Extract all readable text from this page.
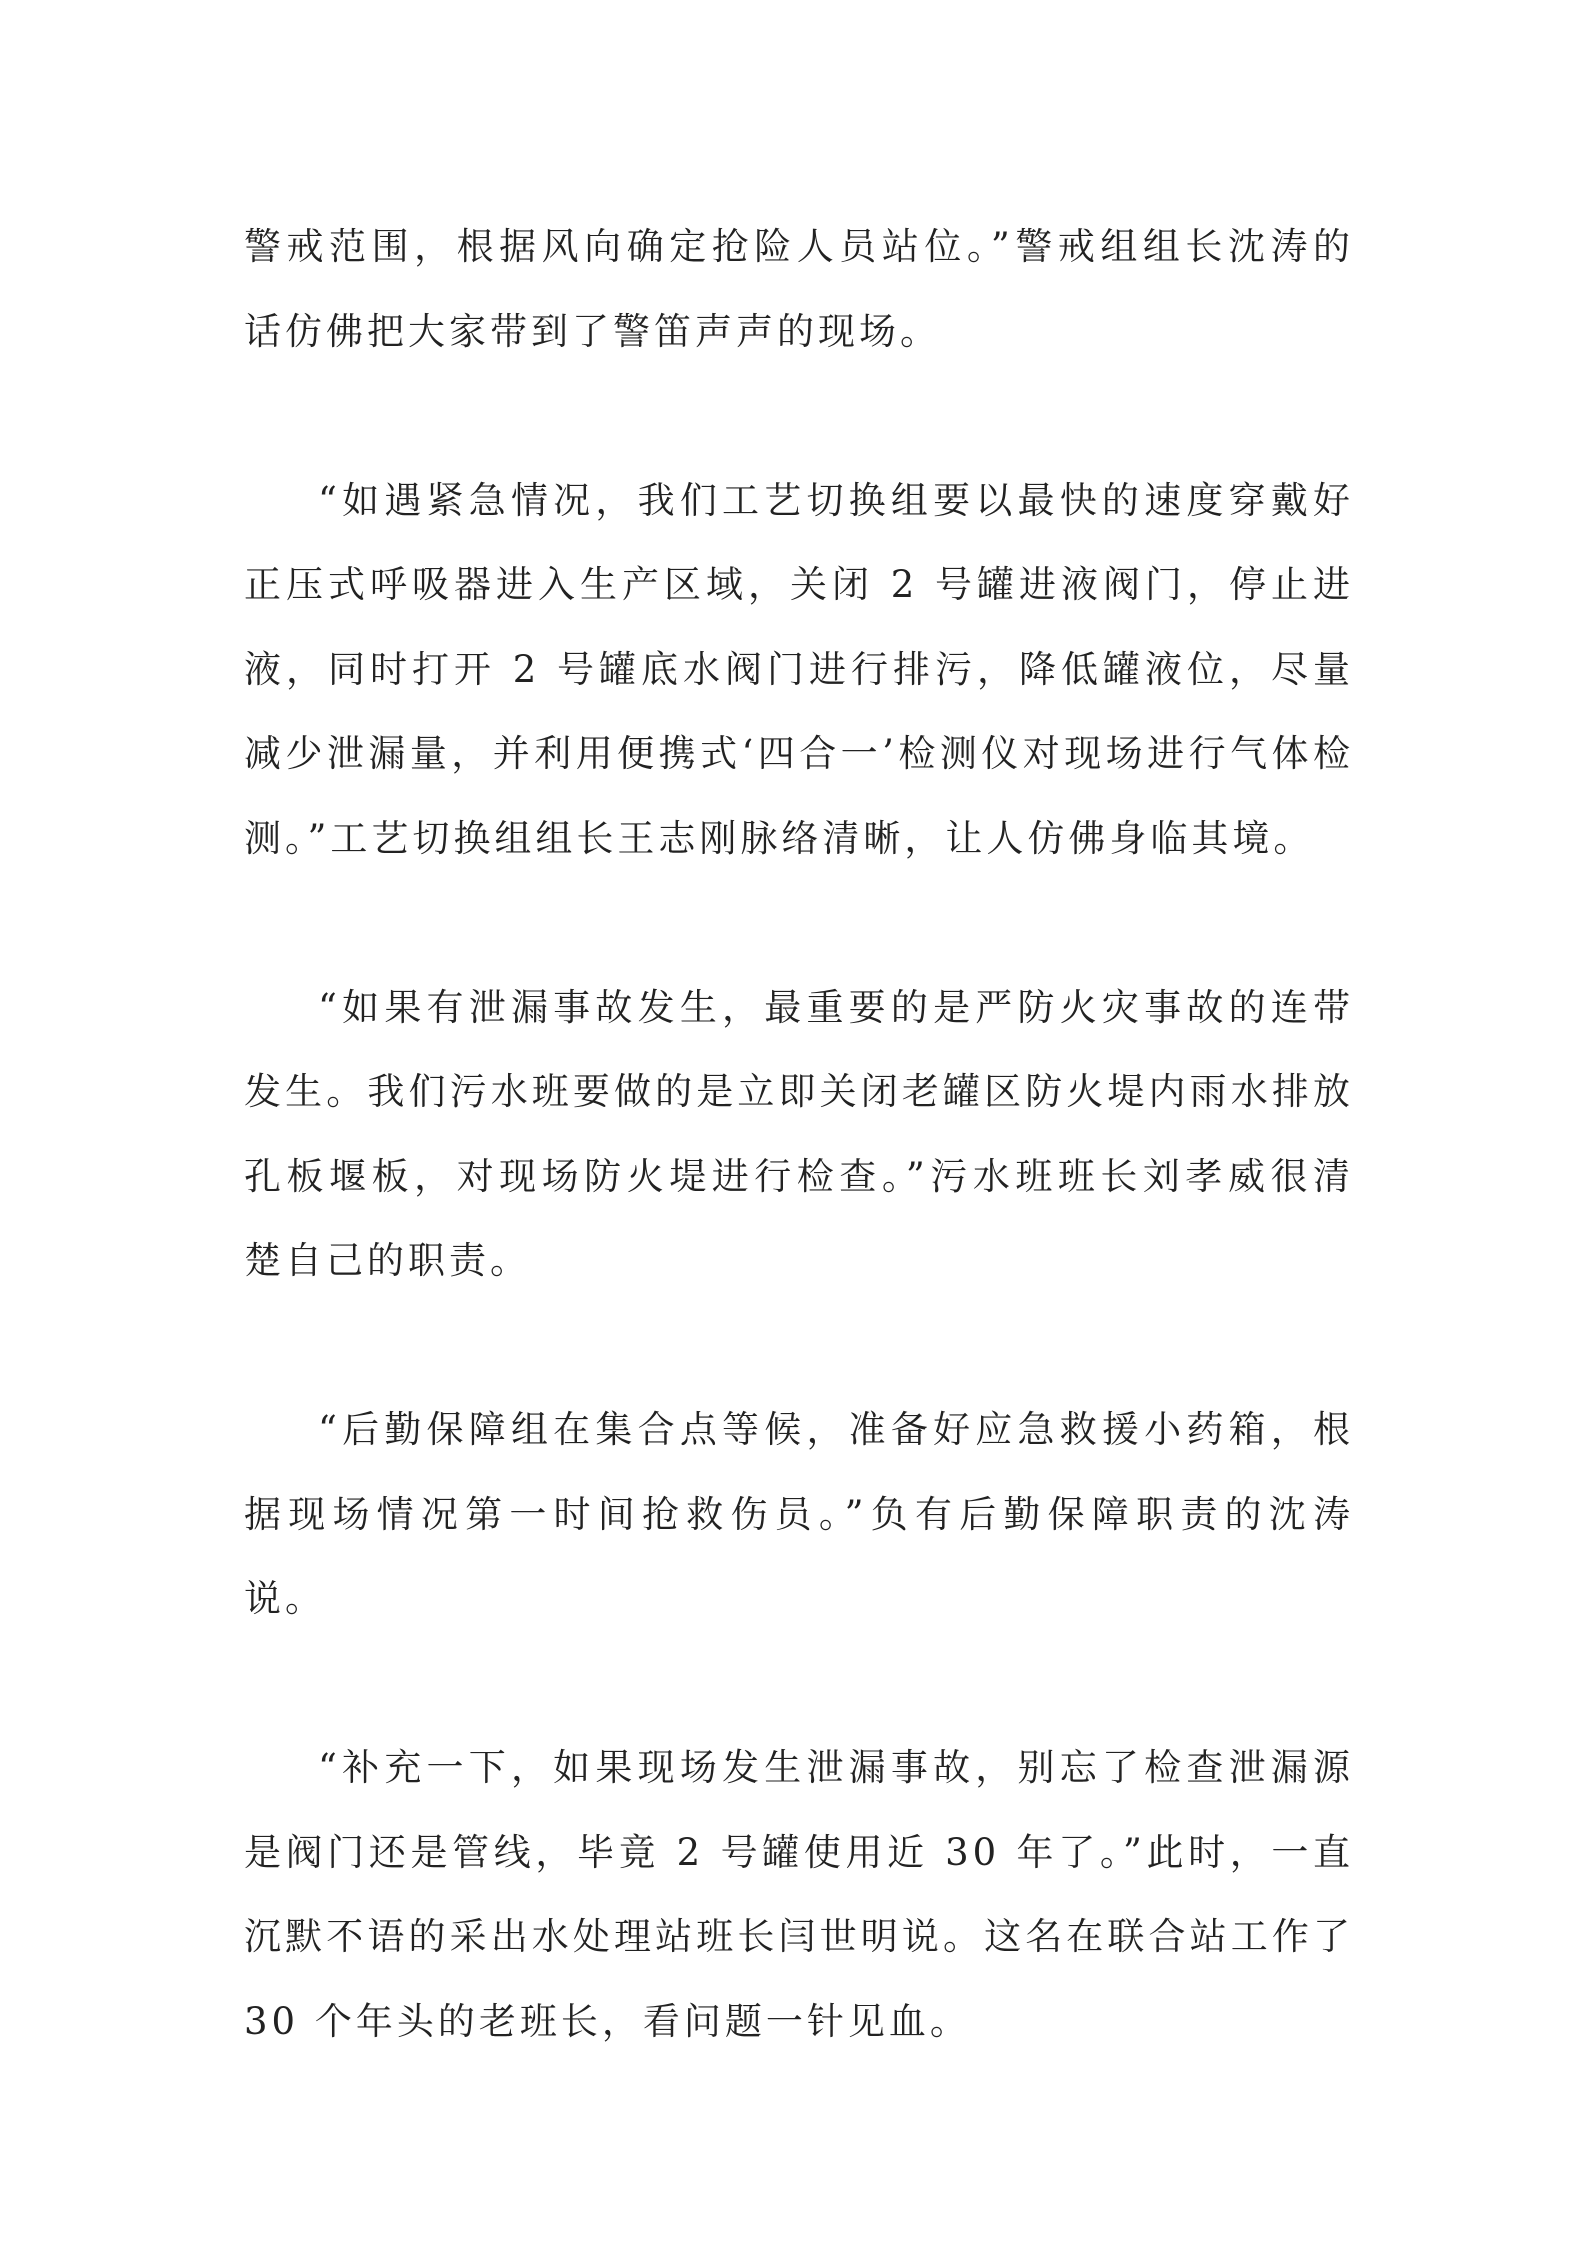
警戒范围，根据风向确定抢险人员站位。”警戒组组长沈涛的话仿佛把大家带到了警笛声声的现场。

“如遇紧急情况，我们工艺切换组要以最快的速度穿戴好正压式呼吸器进入生产区域，关闭 2 号罐进液阀门，停止进液，同时打开 2 号罐底水阀门进行排污，降低罐液位，尽量减少泄漏量，并利用便携式‘四合一’检测仪对现场进行气体检测。”工艺切换组组长王志刚脉络清晰，让人仿佛身临其境。

“如果有泄漏事故发生，最重要的是严防火灾事故的连带发生。我们污水班要做的是立即关闭老罐区防火堤内雨水排放孔板堰板，对现场防火堤进行检查。”污水班班长刘孝威很清楚自己的职责。

“后勤保障组在集合点等候，准备好应急救援小药箱，根据现场情况第一时间抢救伤员。”负有后勤保障职责的沈涛说。

“补充一下，如果现场发生泄漏事故，别忘了检查泄漏源是阀门还是管线，毕竟 2 号罐使用近 30 年了。”此时，一直沉默不语的采出水处理站班长闫世明说。这名在联合站工作了 30 个年头的老班长，看问题一针见血。
